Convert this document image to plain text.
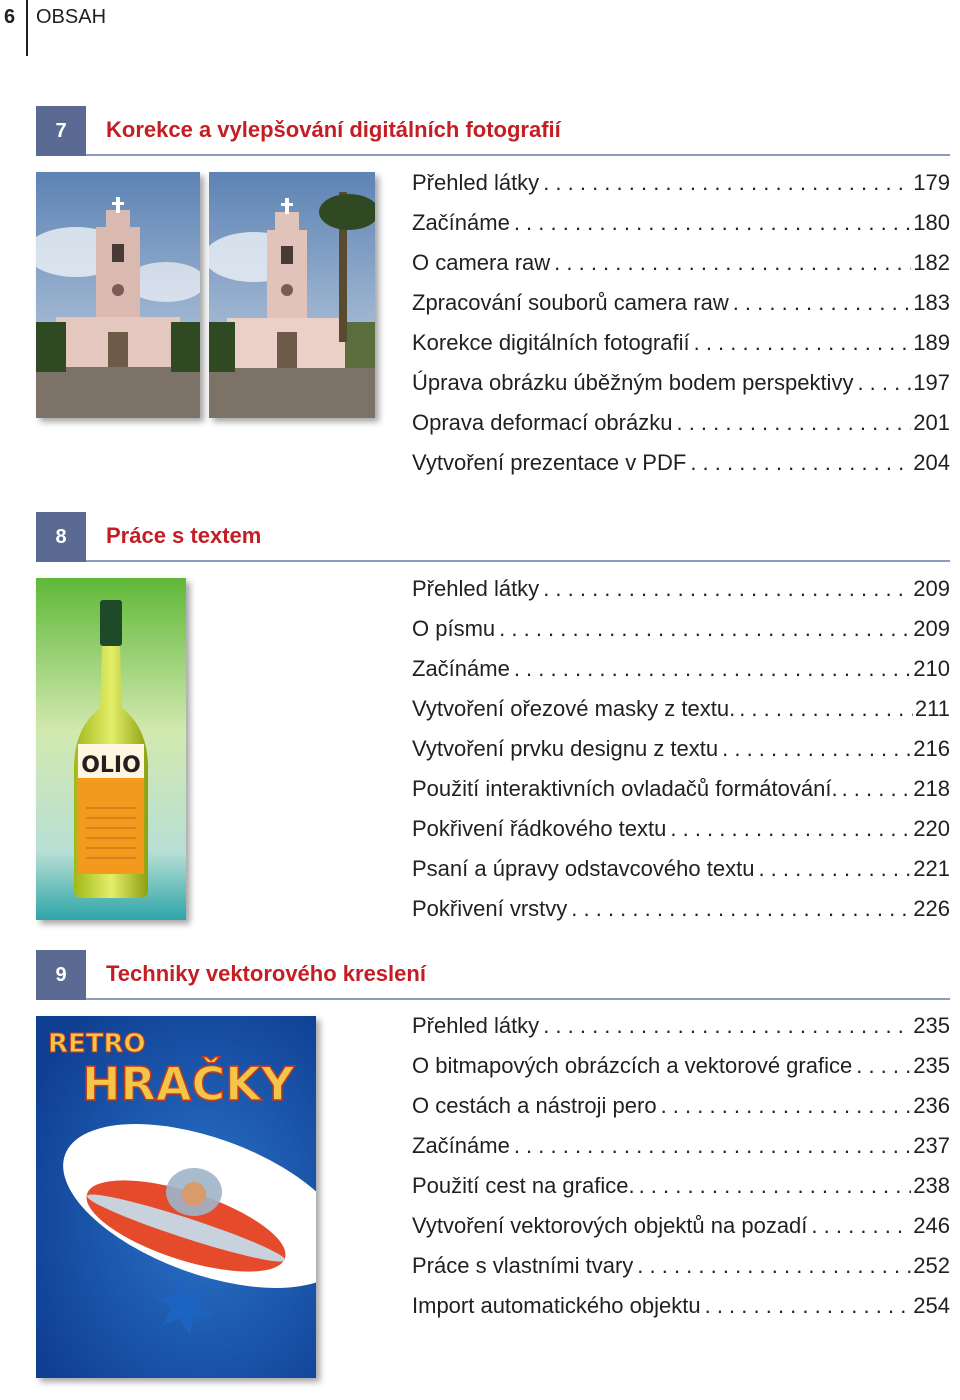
6 OBSAH
7	Korekce a vylepšování digitálních fotografií
Přehled látky . . .	179
Začínáme . . .	180
O camera raw . . .	182
Zpracování souborů camera raw . . .	183
Korekce digitálních fotografií . . .	189
Úprava obrázku úběžným bodem perspektivy . . .	197
Oprava deformací obrázku . . .	201
Vytvoření prezentace v PDF . . .	204
8	Práce s textem
OLIO
Přehled látky . . .	209
O písmu . . .	209
Začínáme . . .	210
Vytvoření ořezové masky z textu. . . .	211
Vytvoření prvku designu z textu . . .	216
Použití interaktivních ovladačů formátování. . . .	218
Pokřivení řádkového textu . . .	220
Psaní a úpravy odstavcového textu . . .	221
Pokřivení vrstvy . . .	226
9	Techniky vektorového kreslení
RETRO
HRAČKY
Přehled látky . . .	235
O bitmapových obrázcích a vektorové grafice . . .	235
O cestách a nástroji pero . . .	236
Začínáme . . .	237
Použití cest na grafice. . . .	238
Vytvoření vektorových objektů na pozadí . . .	246
Práce s vlastními tvary . . .	252
Import automatického objektu . . .	254
